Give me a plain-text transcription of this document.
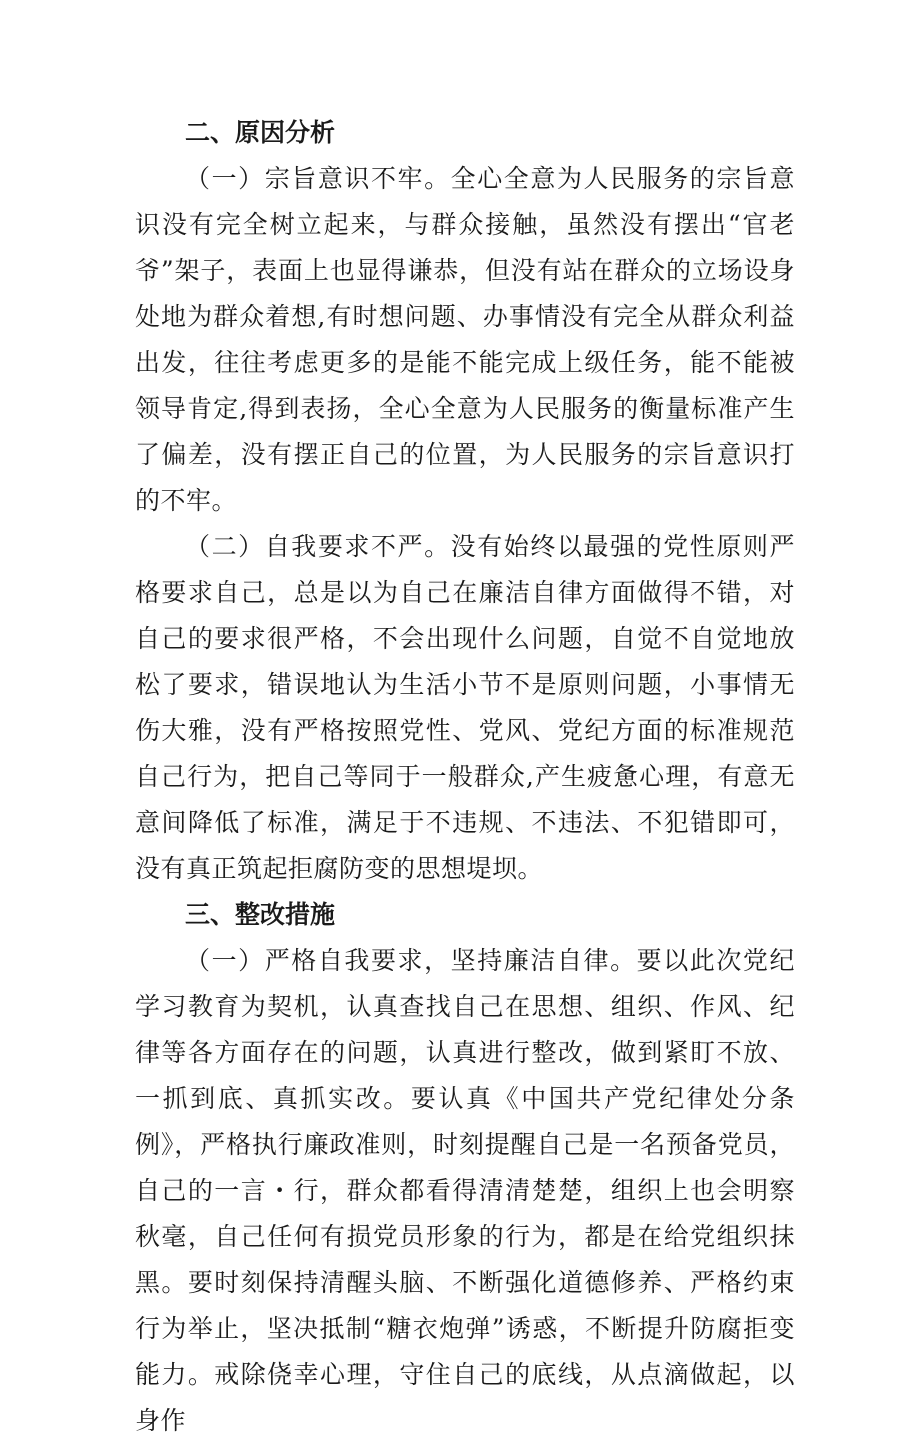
二、原因分析

（一）宗旨意识不牢。全心全意为人民服务的宗旨意识没有完全树立起来，与群众接触，虽然没有摆出“官老爷”架子，表面上也显得谦恭，但没有站在群众的立场设身处地为群众着想,有时想问题、办事情没有完全从群众利益出发，往往考虑更多的是能不能完成上级任务，能不能被领导肯定,得到表扬，全心全意为人民服务的衡量标准产生了偏差，没有摆正自己的位置，为人民服务的宗旨意识打的不牢。

（二）自我要求不严。没有始终以最强的党性原则严格要求自己，总是以为自己在廉洁自律方面做得不错，对自己的要求很严格，不会出现什么问题，自觉不自觉地放松了要求，错误地认为生活小节不是原则问题，小事情无伤大雅，没有严格按照党性、党风、党纪方面的标准规范自己行为，把自己等同于一般群众,产生疲惫心理，有意无意间降低了标准，满足于不违规、不违法、不犯错即可，没有真正筑起拒腐防变的思想堤坝。

三、整改措施

（一）严格自我要求，坚持廉洁自律。要以此次党纪学习教育为契机，认真查找自己在思想、组织、作风、纪律等各方面存在的问题，认真进行整改，做到紧盯不放、一抓到底、真抓实改。要认真《中国共产党纪律处分条例》，严格执行廉政准则，时刻提醒自己是一名预备党员，自己的一言・行，群众都看得清清楚楚，组织上也会明察秋毫，自己任何有损党员形象的行为，都是在给党组织抹黑。要时刻保持清醒头脑、不断强化道德修养、严格约束行为举止，坚决抵制“糖衣炮弹”诱惑，不断提升防腐拒变能力。戒除侥幸心理，守住自己的底线，从点滴做起，以身作
